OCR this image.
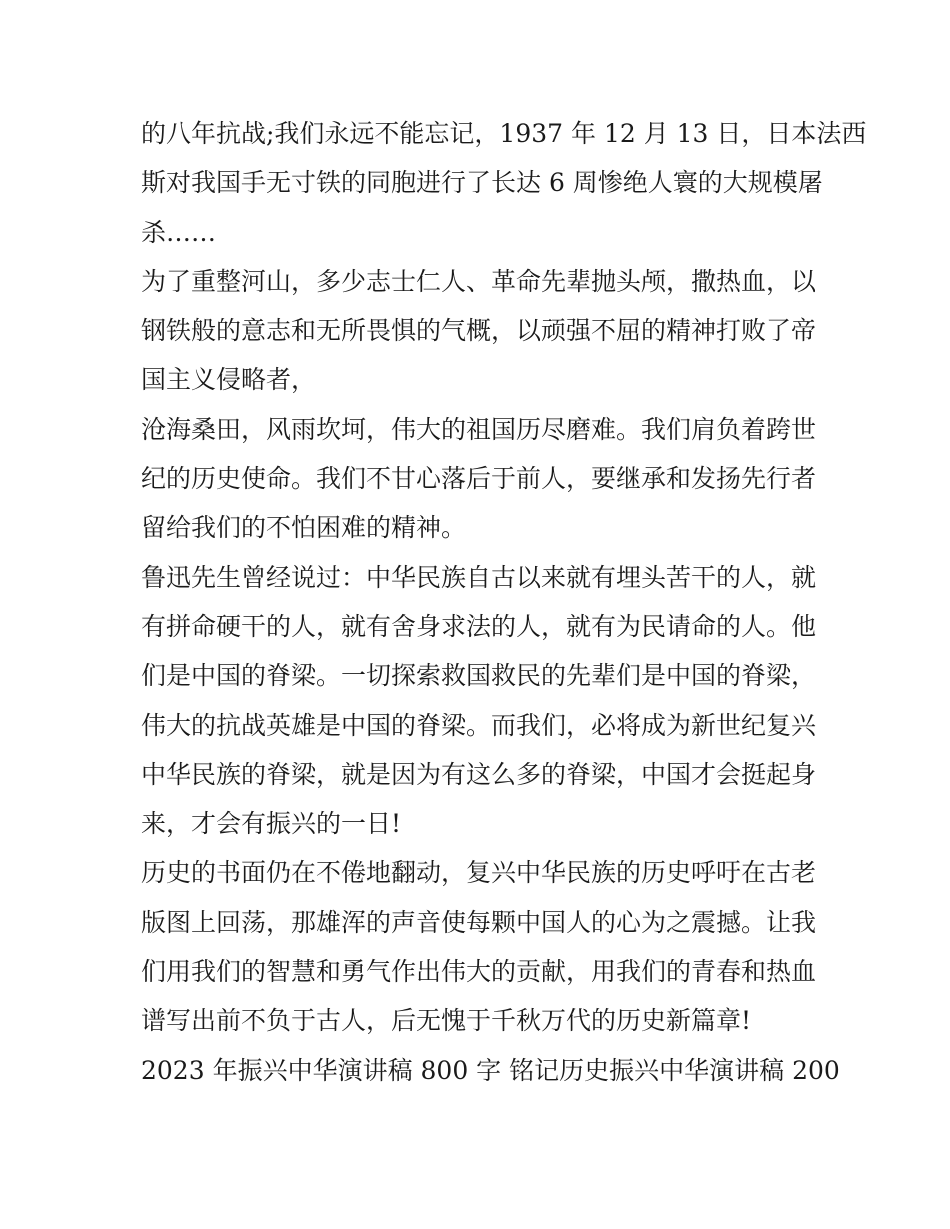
的八年抗战;我们永远不能忘记，1937 年 12 月 13 日，日本法西
斯对我国手无寸铁的同胞进行了长达 6 周惨绝人寰的大规模屠
杀……
为了重整河山，多少志士仁人、革命先辈抛头颅，撒热血，以
钢铁般的意志和无所畏惧的气概，以顽强不屈的精神打败了帝
国主义侵略者，
沧海桑田，风雨坎坷，伟大的祖国历尽磨难。我们肩负着跨世
纪的历史使命。我们不甘心落后于前人，要继承和发扬先行者
留给我们的不怕困难的精神。
鲁迅先生曾经说过：中华民族自古以来就有埋头苦干的人，就
有拼命硬干的人，就有舍身求法的人，就有为民请命的人。他
们是中国的脊梁。一切探索救国救民的先辈们是中国的脊梁，
伟大的抗战英雄是中国的脊梁。而我们，必将成为新世纪复兴
中华民族的脊梁，就是因为有这么多的脊梁，中国才会挺起身
来，才会有振兴的一日!
历史的书面仍在不倦地翻动，复兴中华民族的历史呼吁在古老
版图上回荡，那雄浑的声音使每颗中国人的心为之震撼。让我
们用我们的智慧和勇气作出伟大的贡献，用我们的青春和热血
谱写出前不负于古人，后无愧于千秋万代的历史新篇章!
2023 年振兴中华演讲稿 800 字 铭记历史振兴中华演讲稿 200
